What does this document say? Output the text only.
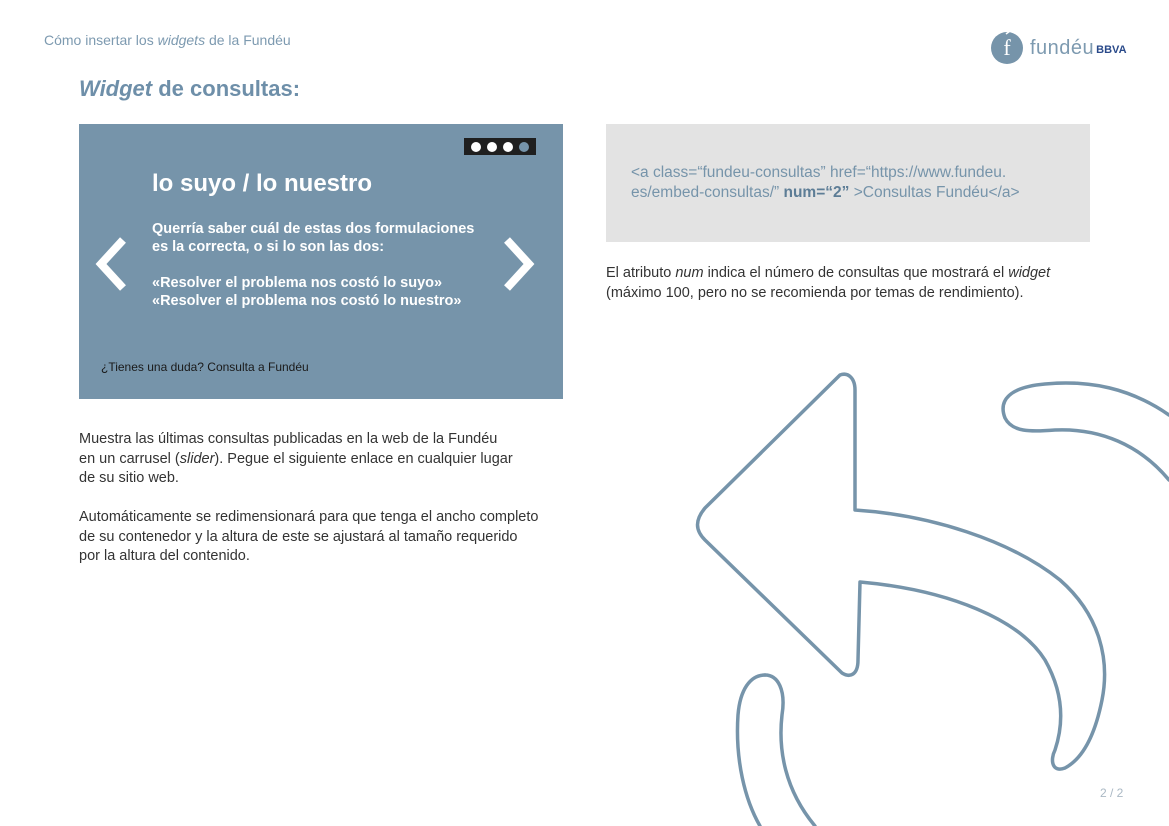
Cómo insertar los widgets de la Fundéu	f fundéu BBVA
Widget de consultas:
lo suyo / lo nuestro

Querría saber cuál de estas dos formulaciones

es la correcta, o si lo son las dos:

«Resolver el problema nos costó lo suyo»

«Resolver el problema nos costó lo nuestro»

¿Tienes una duda? Consulta a Fundéu

Muestra las últimas consultas publicadas en la web de la Fundéu

en un carrusel (slider). Pegue el siguiente enlace en cualquier lugar

de su sitio web.

Automáticamente se redimensionará para que tenga el ancho completo

de su contenedor y la altura de este se ajustará al tamaño requerido

por la altura del contenido.

<a class=“fundeu-consultas” href=“https://www.fundeu.
es/embed-consultas/” num=“2” >Consultas Fundéu</a>

El atributo num indica el número de consultas que mostrará el widget

(máximo 100, pero no se recomienda por temas de rendimiento).

2 / 2
